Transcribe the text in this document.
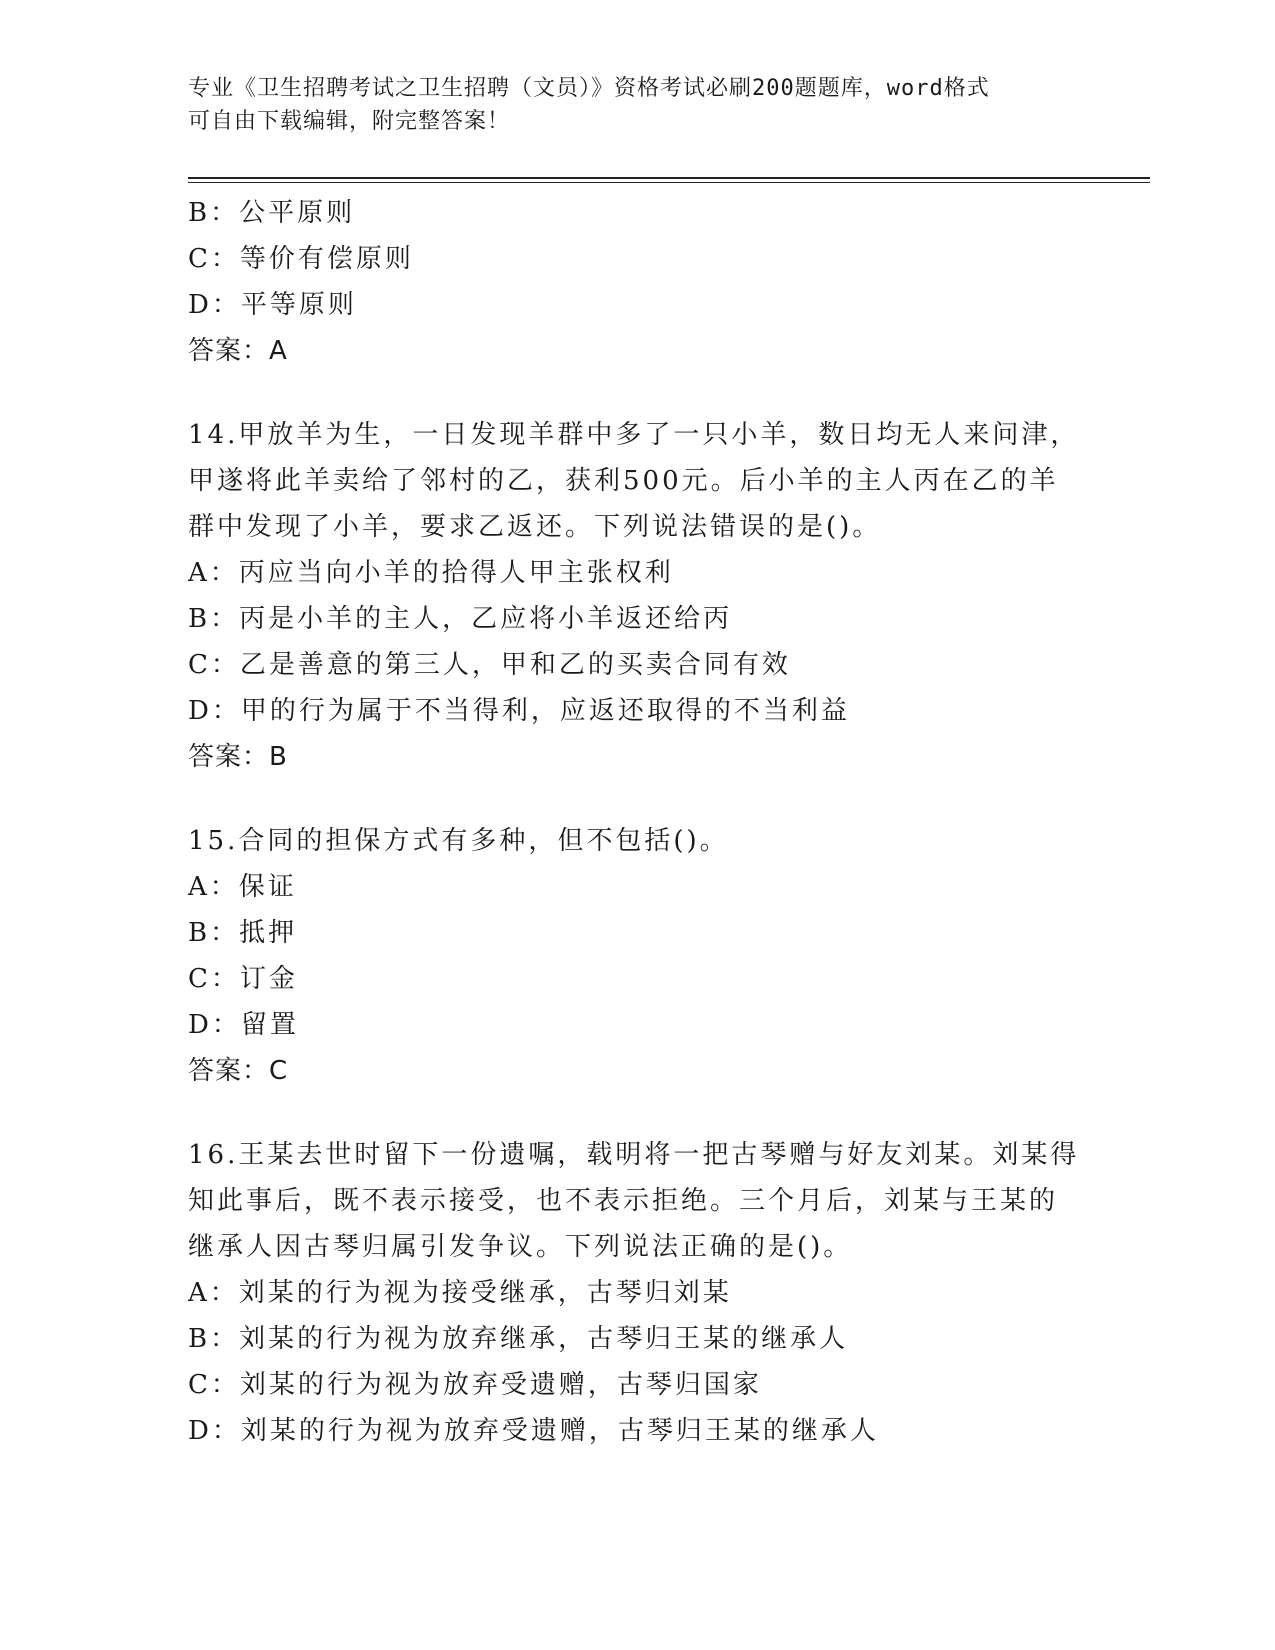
专业《卫生招聘考试之卫生招聘（文员）》资格考试必刷200题题库，word格式
可自由下载编辑，附完整答案！
B：公平原则
C：等价有偿原则
D：平等原则
答案：A
14.甲放羊为生，一日发现羊群中多了一只小羊，数日均无人来问津，
甲遂将此羊卖给了邻村的乙，获利500元。后小羊的主人丙在乙的羊
群中发现了小羊，要求乙返还。下列说法错误的是()。
A：丙应当向小羊的拾得人甲主张权利
B：丙是小羊的主人，乙应将小羊返还给丙
C：乙是善意的第三人，甲和乙的买卖合同有效
D：甲的行为属于不当得利，应返还取得的不当利益
答案：B
15.合同的担保方式有多种，但不包括()。
A：保证
B：抵押
C：订金
D：留置
答案：C
16.王某去世时留下一份遗嘱，载明将一把古琴赠与好友刘某。刘某得
知此事后，既不表示接受，也不表示拒绝。三个月后，刘某与王某的
继承人因古琴归属引发争议。下列说法正确的是()。
A：刘某的行为视为接受继承，古琴归刘某
B：刘某的行为视为放弃继承，古琴归王某的继承人
C：刘某的行为视为放弃受遗赠，古琴归国家
D：刘某的行为视为放弃受遗赠，古琴归王某的继承人
